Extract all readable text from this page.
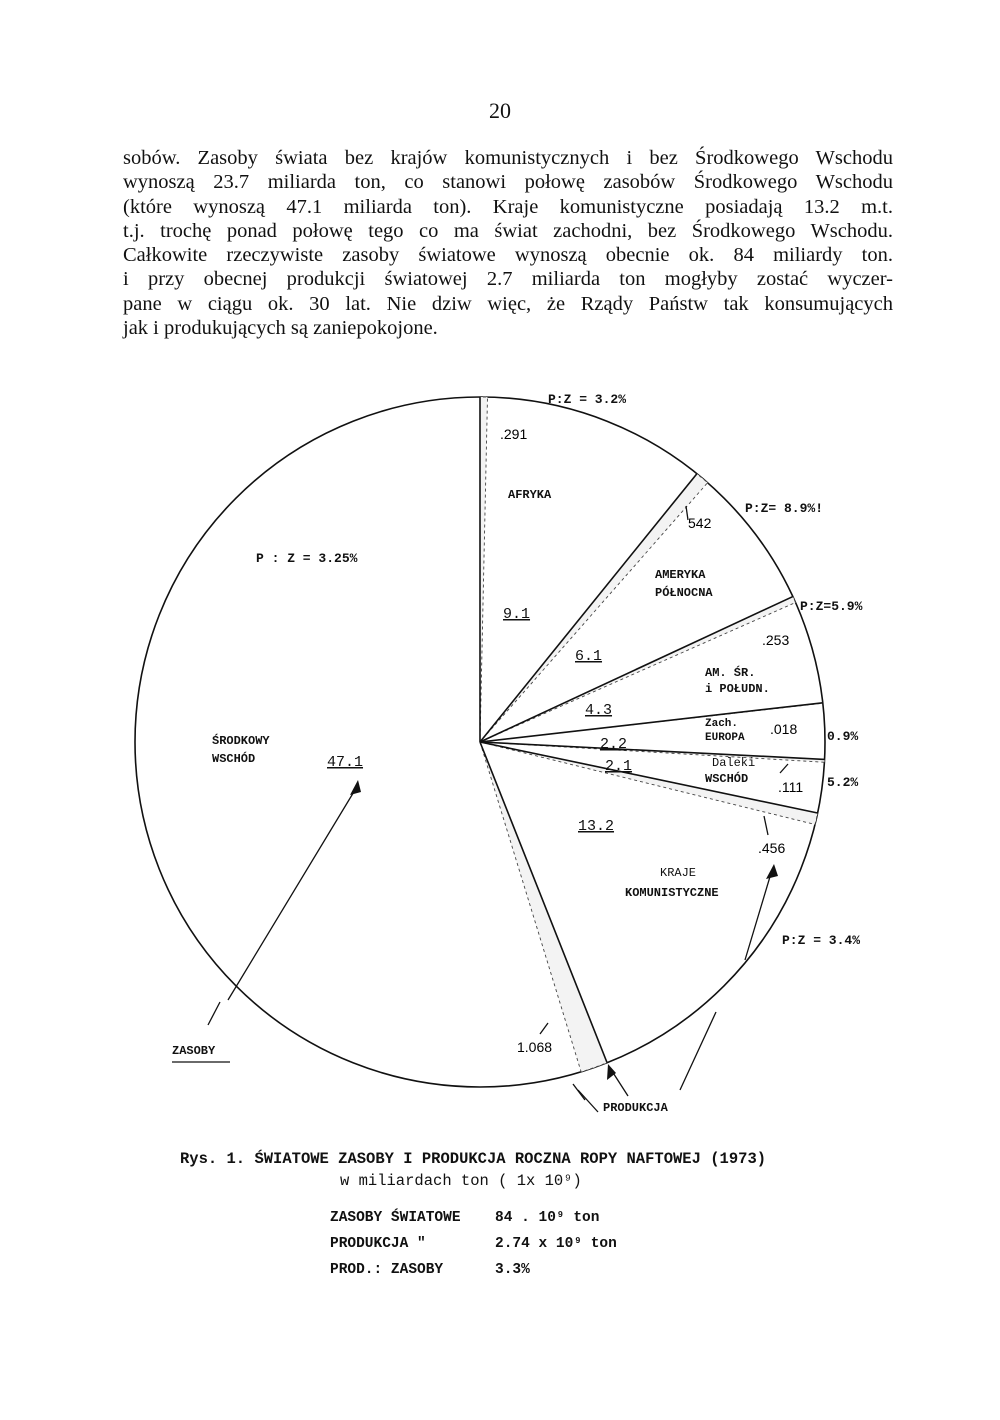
20
sobów. Zasoby świata bez krajów komunistycznych i bez Środkowego Wschodu
wynoszą 23.7 miliarda ton, co stanowi połowę zasobów Środkowego Wschodu
(które wynoszą 47.1 miliarda ton). Kraje komunistyczne posiadają 13.2 m.t.
t.j. trochę ponad połowę tego co ma świat zachodni, bez Środkowego Wschodu.
Całkowite rzeczywiste zasoby światowe wynoszą obecnie ok. 84 miliardy ton.
i przy obecnej produkcji światowej 2.7 miliarda ton mogłyby zostać wyczer-
pane w ciągu ok. 30 lat. Nie dziw więc, że Rządy Państw tak konsumujących
jak i produkujących są zaniepokojone.
AFRYKA
AMERYKA
PÓŁNOCNA
AM. ŚR.
i POŁUDN.
Zach.
EUROPA
Daleki
WSCHÓD
KRAJE
KOMUNISTYCZNE
ŚRODKOWY
WSCHÓD
9.1
6.1
4.3
2.2
2.1
13.2
47.1
.291
542
.253
.018
.111
.456
1.068
P:Z = 3.2%
P:Z= 8.9%!
P:Z=5.9%
0.9%
5.2%
P:Z = 3.4%
P : Z = 3.25%
ZASOBY
PRODUKCJA
Rys. 1. ŚWIATOWE ZASOBY I PRODUKCJA ROCZNA ROPY NAFTOWEJ (1973)
w miliardach ton ( 1x 10⁹)
ZASOBY ŚWIATOWE	84 . 10⁹ ton
PRODUKCJA "	2.74 x 10⁹ ton
PROD.: ZASOBY	3.3%
